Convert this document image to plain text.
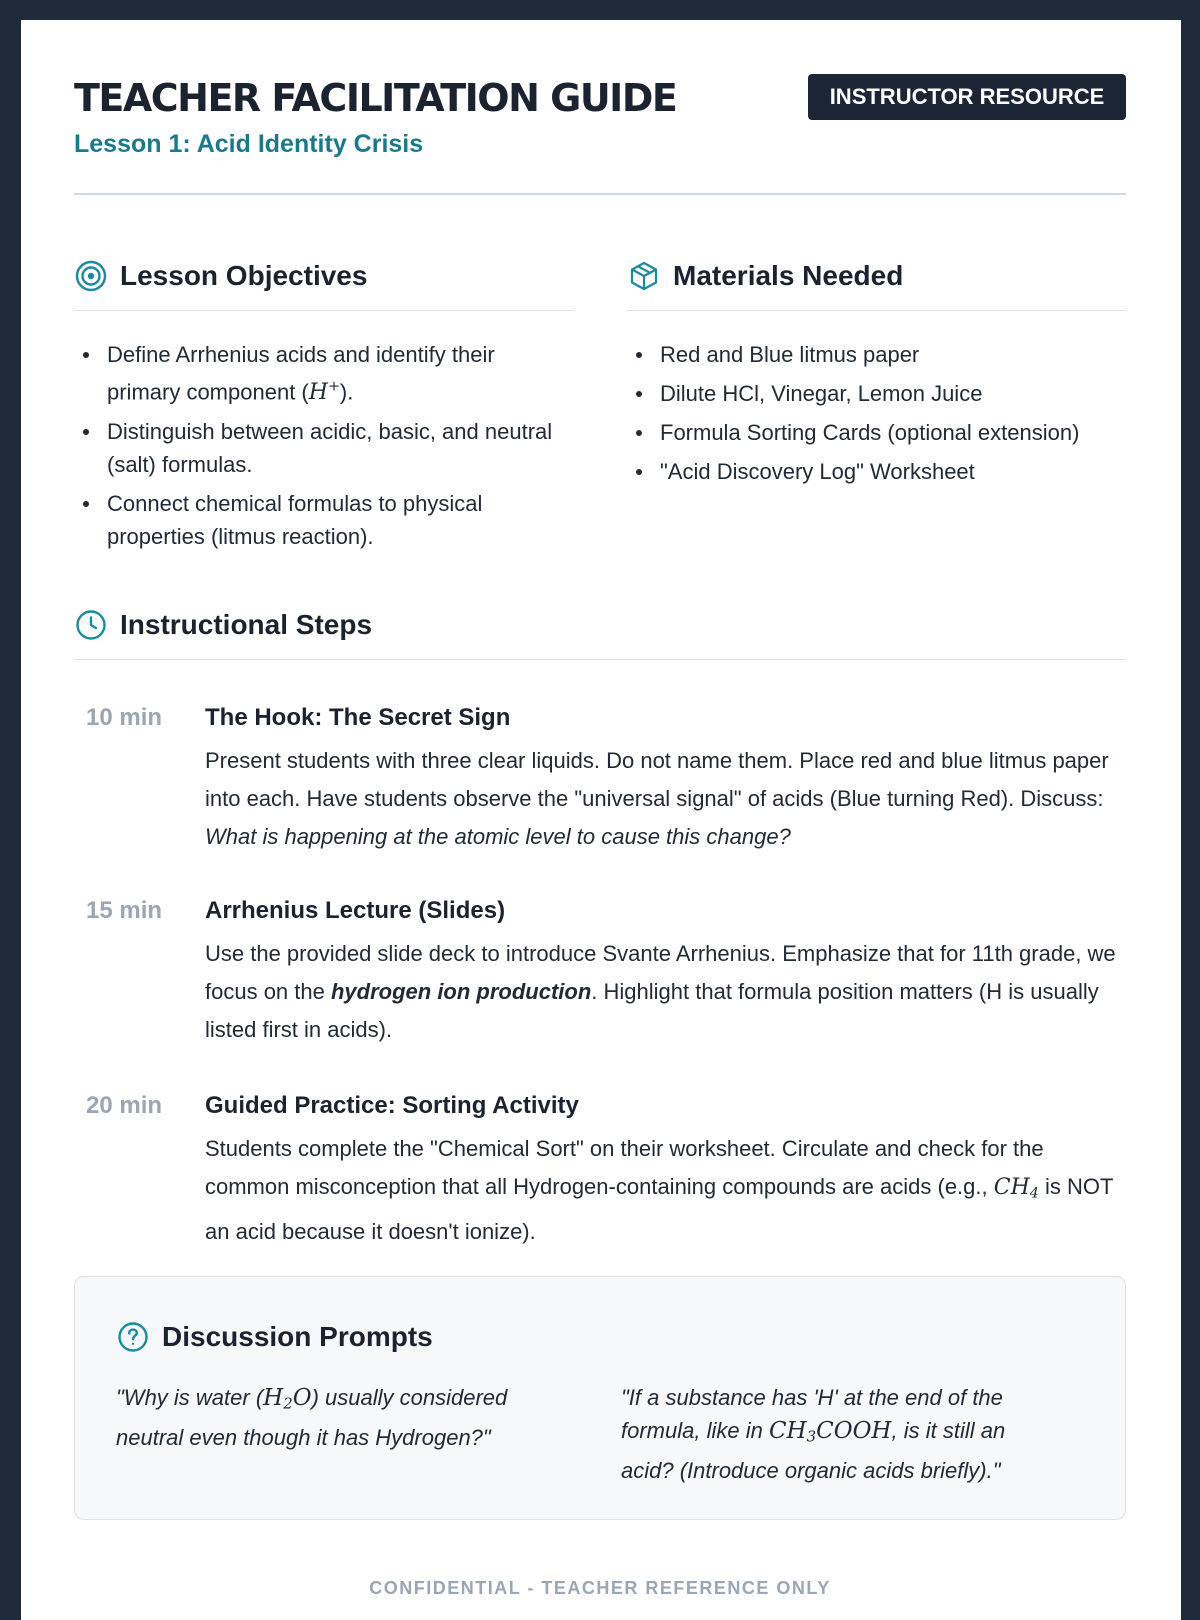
TEACHER FACILITATION GUIDE
Lesson 1: Acid Identity Crisis
INSTRUCTOR RESOURCE
Lesson Objectives
Define Arrhenius acids and identify their primary component (H+).
Distinguish between acidic, basic, and neutral (salt) formulas.
Connect chemical formulas to physical properties (litmus reaction).
Materials Needed
Red and Blue litmus paper
Dilute HCl, Vinegar, Lemon Juice
Formula Sorting Cards (optional extension)
"Acid Discovery Log" Worksheet
Instructional Steps
10 min The Hook: The Secret Sign
Present students with three clear liquids. Do not name them. Place red and blue litmus paper into each. Have students observe the "universal signal" of acids (Blue turning Red). Discuss: What is happening at the atomic level to cause this change?
15 min Arrhenius Lecture (Slides)
Use the provided slide deck to introduce Svante Arrhenius. Emphasize that for 11th grade, we focus on the hydrogen ion production. Highlight that formula position matters (H is usually listed first in acids).
20 min Guided Practice: Sorting Activity
Students complete the "Chemical Sort" on their worksheet. Circulate and check for the common misconception that all Hydrogen-containing compounds are acids (e.g., $CH_4$ is NOT an acid because it doesn't ionize).
Discussion Prompts
"Why is water $(H_2O)$ usually considered neutral even though it has Hydrogen?"
"If a substance has 'H' at the end of the formula, like in $CH_3COOH$, is it still an acid? (Introduce organic acids briefly)."
CONFIDENTIAL - TEACHER REFERENCE ONLY
